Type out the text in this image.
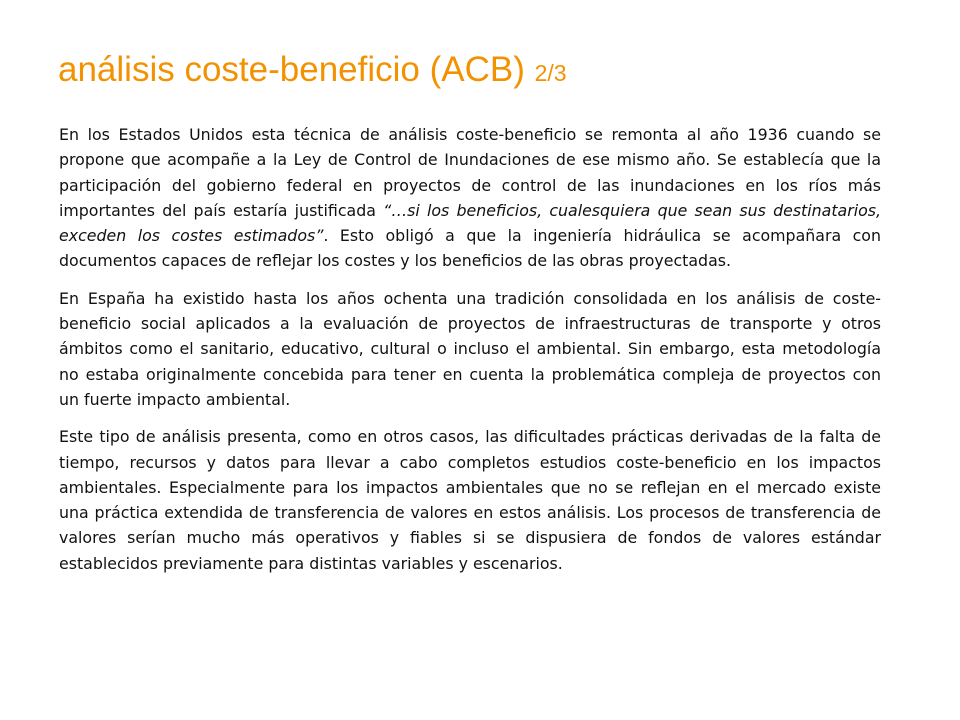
análisis coste-beneficio (ACB) 2/3

En los Estados Unidos esta técnica de análisis coste-beneficio se remonta al año 1936 cuando se propone que acompañe a la Ley de Control de Inundaciones de ese mismo año. Se establecía que la participación del gobierno federal en proyectos de control de las inundaciones en los ríos más importantes del país estaría justificada “…si los beneficios, cualesquiera que sean sus destinatarios, exceden los costes estimados”. Esto obligó a que la ingeniería hidráulica se acompañara con documentos capaces de reflejar los costes y los beneficios de las obras proyectadas.

En España ha existido hasta los años ochenta una tradición consolidada en los análisis de coste-beneficio social aplicados a la evaluación de proyectos de infraestructuras de transporte y otros ámbitos como el sanitario, educativo, cultural o incluso el ambiental. Sin embargo, esta metodología no estaba originalmente concebida para tener en cuenta la problemática compleja de proyectos con un fuerte impacto ambiental.

Este tipo de análisis presenta, como en otros casos, las dificultades prácticas derivadas de la falta de tiempo, recursos y datos para llevar a cabo completos estudios coste-beneficio en los impactos ambientales. Especialmente para los impactos ambientales que no se reflejan en el mercado existe una práctica extendida de transferencia de valores en estos análisis. Los procesos de transferencia de valores serían mucho más operativos y fiables si se dispusiera de fondos de valores estándar establecidos previamente para distintas variables y escenarios.
